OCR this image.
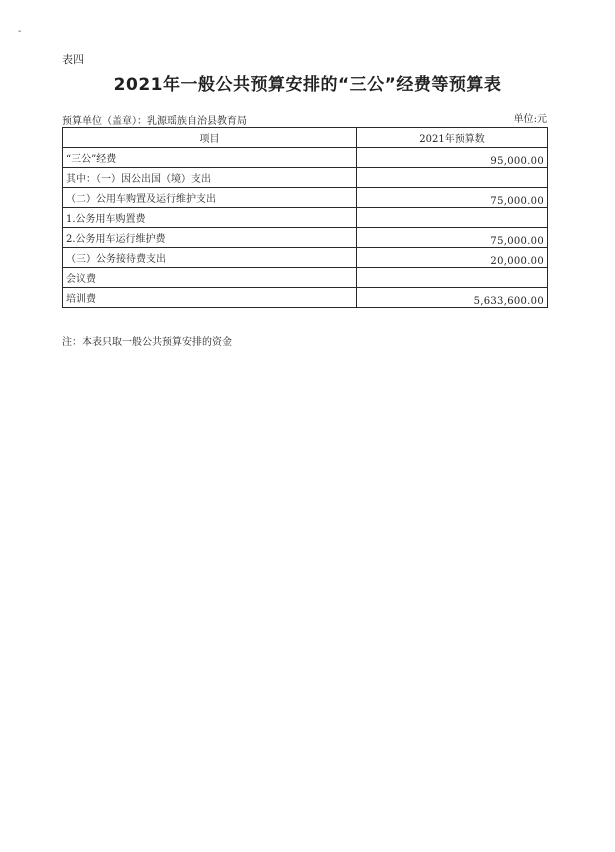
-
表四
2021年一般公共预算安排的“三公”经费等预算表
预算单位（盖章）：乳源瑶族自治县教育局	单位:元
项目	2021年预算数
“三公”经费	95,000.00
其中：（一）因公出国（境）支出	
（二）公用车购置及运行维护支出	75,000.00
1.公务用车购置费	
2.公务用车运行维护费	75,000.00
（三）公务接待费支出	20,000.00
会议费	
培训费	5,633,600.00
注：本表只取一般公共预算安排的资金
